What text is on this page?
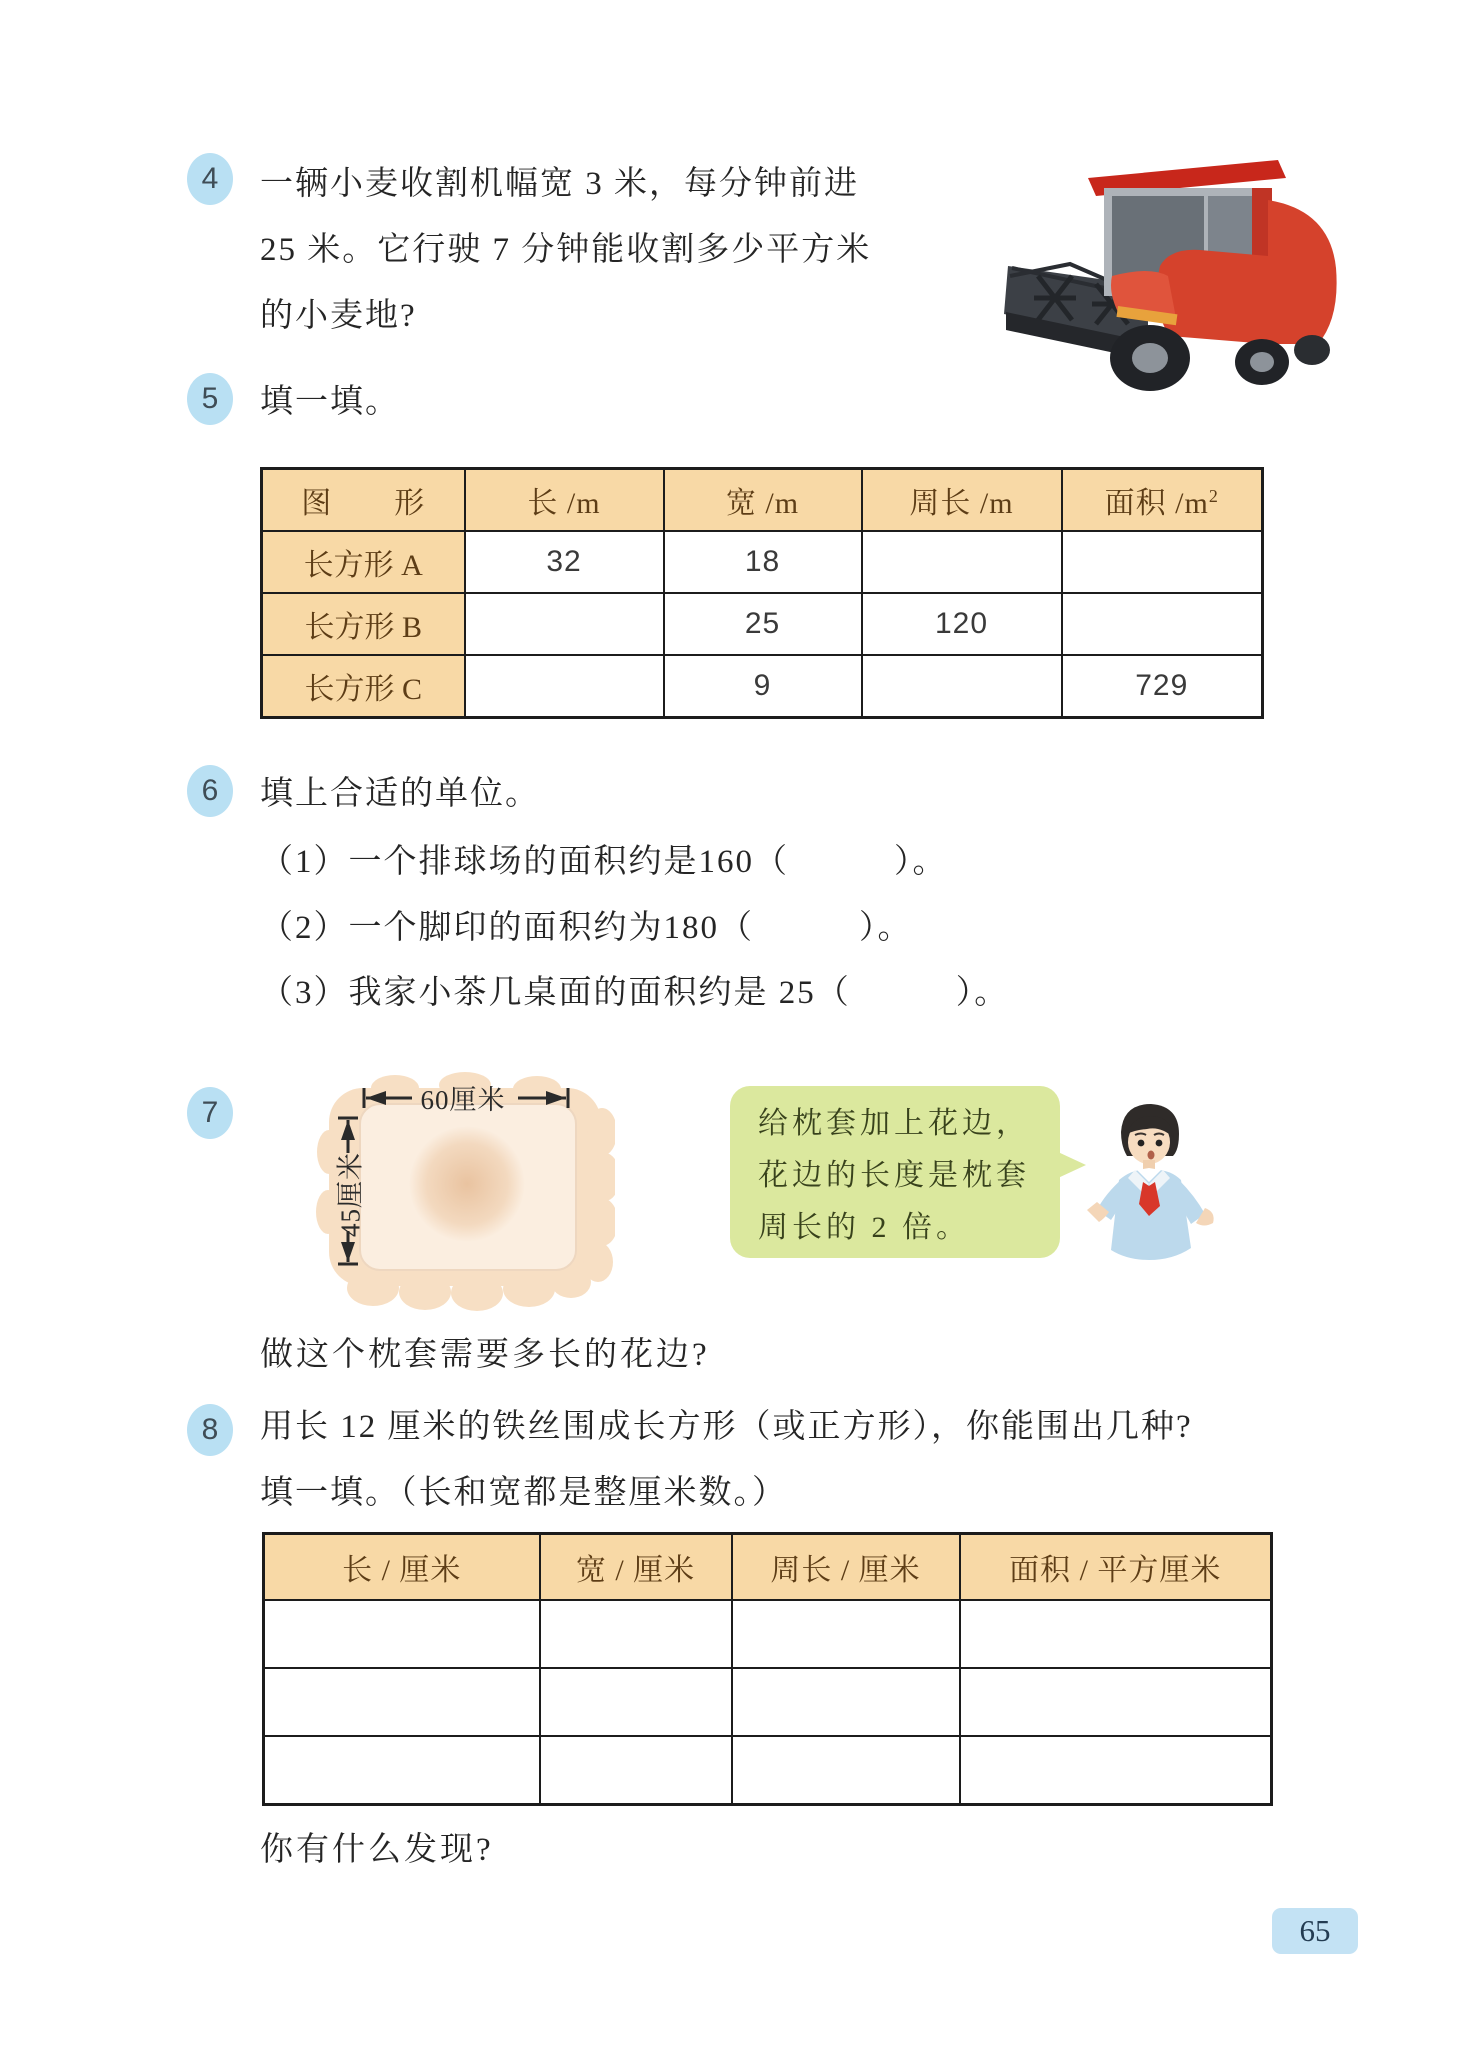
4 一辆小麦收割机幅宽 3 米，每分钟前进
25 米。它行驶 7 分钟能收割多少平方米
的小麦地?
5 填一填。
图　　形	长 /m	宽 /m	周长 /m	面积 $/m^2$
长方形 A	32	18		
长方形 B		25	120	
长方形 C		9		729
6 填上合适的单位。
（1）一个排球场的面积约是160（　　　）。
（2）一个脚印的面积约为180（　　　）。
（3）我家小茶几桌面的面积约是 25（　　　）。
7	60厘米
45厘米
给枕套加上花边，
花边的长度是枕套
周长的 2 倍。
做这个枕套需要多长的花边?
8 用长 12 厘米的铁丝围成长方形（或正方形），你能围出几种?
填一填。（长和宽都是整厘米数。）
长 / 厘米	宽 / 厘米	周长 / 厘米	面积 / 平方厘米

你有什么发现?
65
